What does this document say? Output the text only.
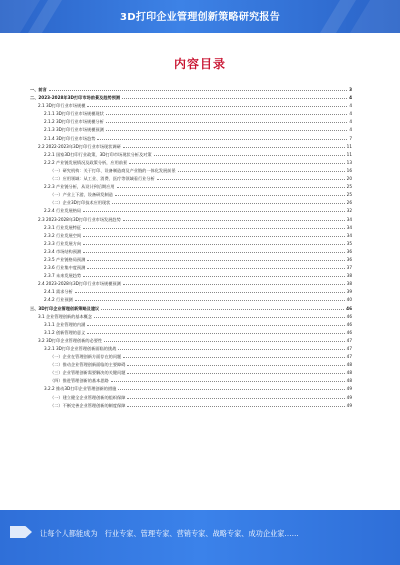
3D打印企业管理创新策略研究报告
内容目录
一、前言	3
二、2023-2028年3D打印市场前景及趋势预测	4
2.1 3D打印行业市场规模	4
2.1.1 3D打印行业市场规模现状	4
2.1.2 3D打印行业市场规模分析	4
2.1.3 3D打印行业市场规模预测	4
2.1.4 3D打印行业市场趋势	7
2.2 2022-2023年3D打印行业市场现状调研	11
2.2.1 国家3D打印行业政策，3D打印市场现状分析及对策	11
2.2.2 产业链发展情况及政策分析，应用前景	13
（一）研究机构：关于打印、设备制造商及产业链的一体化发展前景	16
（二）应用领域：从工业、消费、医疗等领域看行业分析	20
2.2.3 产业链分析，从设计到后期应用	25
（一）产业上下游，设备研发制造	25
（二）企业3D打印技术应用现状	26
2.2.4 行业发展格局	32
2.3 2023-2028年3D打印行业市场发展趋势	34
2.3.1 行业发展特征	34
2.3.2 行业发展空间	34
2.3.3 行业发展方向	35
2.3.4 市场结构预测	36
2.3.5 产业链格局预测	36
2.3.6 行业集中度预测	37
2.3.7 未来发展趋势	38
2.4 2023-2028年3D打印行业市场规模预测	38
2.4.1 需求分析	39
2.4.2 行业预测	40
三、3D打印企业管理创新策略及建议	46
3.1 企业管理创新的基本概念	46
3.1.1 企业管理的内涵	46
3.1.2 创新管理的意义	46
3.2 3D打印企业管理创新的必要性	47
3.2.1 3D打印企业管理创新面临的挑战	47
（一）企业在管理创新方面存在的问题	47
（二）推动企业管理创新面临的主要障碍	48
（三）企业管理创新需要解决的关键问题	48
（四）推进管理创新的基本思路	48
3.2.2 推动3D打印企业管理创新的措施	49
（一）建立健全企业管理创新的组织保障	49
（二）不断完善企业管理创新的制度保障	49
让每个人都能成为　行业专家、管理专家、营销专家、战略专家、成功企业家……
